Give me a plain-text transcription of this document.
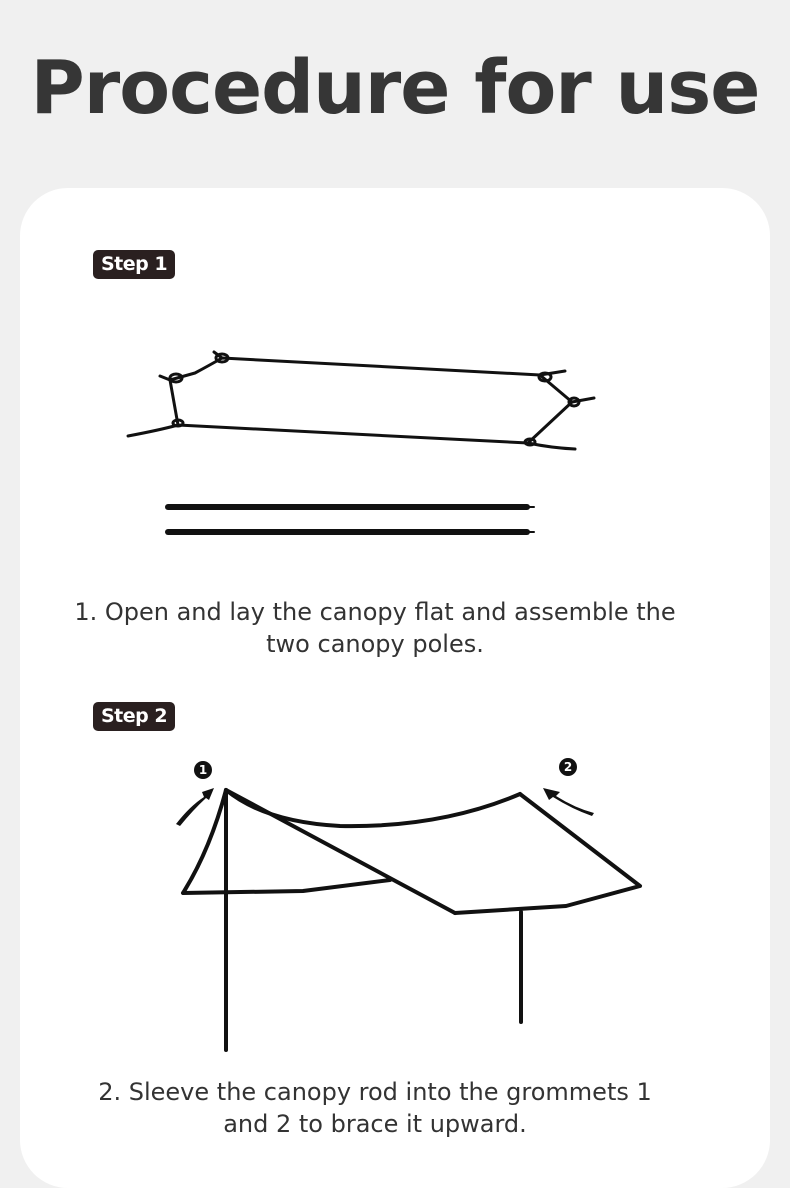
Procedure for use
Step 1
1	2

1. Open and lay the canopy flat and assemble the
two canopy poles.

Step 2

2. Sleeve the canopy rod into the grommets 1
and 2 to brace it upward.
